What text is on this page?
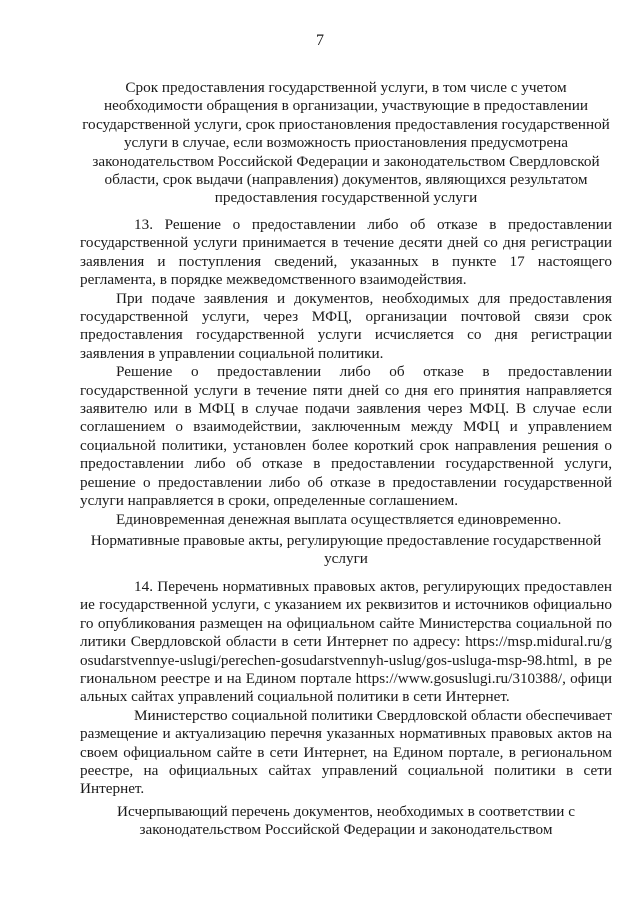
7

Срок предоставления государственной услуги, в том числе с учетом необходимости обращения в организации, участвующие в предоставлении государственной услуги, срок приостановления предоставления государственной услуги в случае, если возможность приостановления предусмотрена законодательством Российской Федерации и законодательством Свердловской области, срок выдачи (направления) документов, являющихся результатом предоставления государственной услуги

13. Решение о предоставлении либо об отказе в предоставлении государственной услуги принимается в течение десяти дней со дня регистрации заявления и поступления сведений, указанных в пункте 17 настоящего регламента, в порядке межведомственного взаимодействия.

При подаче заявления и документов, необходимых для предоставления государственной услуги, через МФЦ, организации почтовой связи срок предоставления государственной услуги исчисляется со дня регистрации заявления в управлении социальной политики.

Решение о предоставлении либо об отказе в предоставлении государственной услуги в течение пяти дней со дня его принятия направляется заявителю или в МФЦ в случае подачи заявления через МФЦ. В случае если соглашением о взаимодействии, заключенным между МФЦ и управлением социальной политики, установлен более короткий срок направления решения о предоставлении либо об отказе в предоставлении государственной услуги, решение о предоставлении либо об отказе в предоставлении государственной услуги направляется в сроки, определенные соглашением.

Единовременная денежная выплата осуществляется единовременно.

Нормативные правовые акты, регулирующие предоставление государственной услуги

14. Перечень нормативных правовых актов, регулирующих предоставление государственной услуги, с указанием их реквизитов и источников официального опубликования размещен на официальном сайте Министерства социальной политики Свердловской области в сети Интернет по адресу: https://msp.midural.ru/gosudarstvennye-uslugi/perechen-gosudarstvennyh-uslug/gos-usluga-msp-98.html, в региональном реестре и на Едином портале https://www.gosuslugi.ru/310388/, официальных сайтах управлений социальной политики в сети Интернет.

Министерство социальной политики Свердловской области обеспечивает размещение и актуализацию перечня указанных нормативных правовых актов на своем официальном сайте в сети Интернет, на Едином портале, в региональном реестре, на официальных сайтах управлений социальной политики в сети Интернет.

Исчерпывающий перечень документов, необходимых в соответствии с законодательством Российской Федерации и законодательством
